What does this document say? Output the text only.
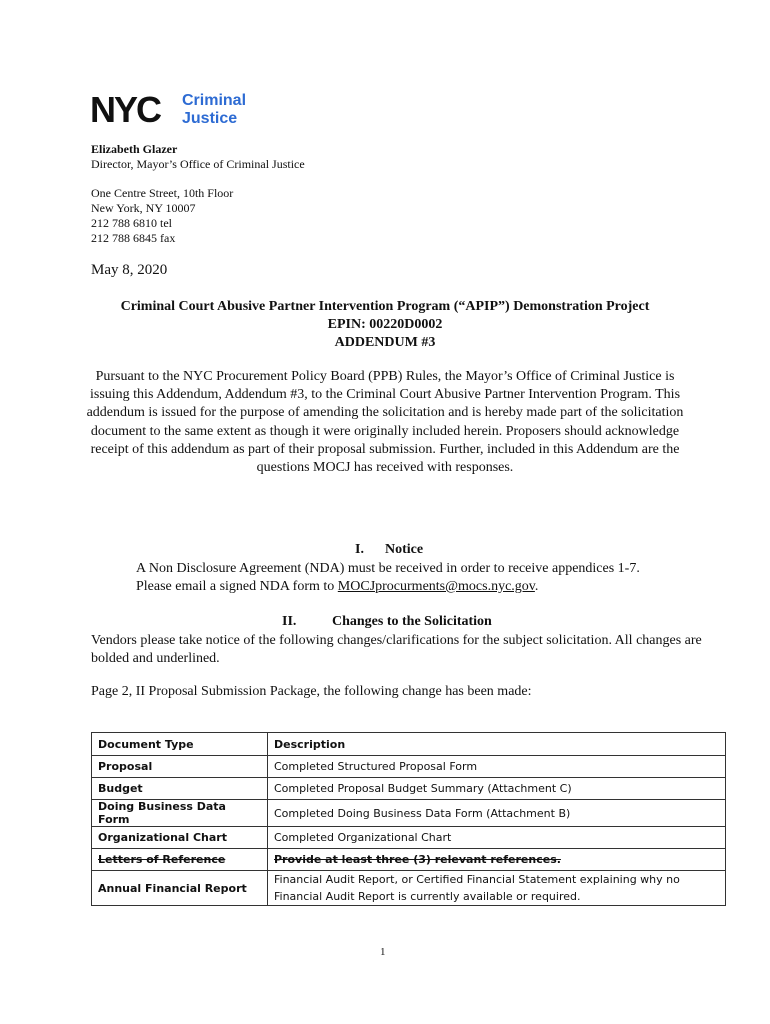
NYC Criminal
Justice
Elizabeth Glazer
Director, Mayor’s Office of Criminal Justice
One Centre Street, 10th Floor
New York, NY 10007
212 788 6810 tel
212 788 6845 fax
May 8, 2020
Criminal Court Abusive Partner Intervention Program (“APIP”) Demonstration Project
EPIN: 00220D0002
ADDENDUM #3
Pursuant to the NYC Procurement Policy Board (PPB) Rules, the Mayor’s Office of Criminal Justice is issuing this Addendum, Addendum #3, to the Criminal Court Abusive Partner Intervention Program. This addendum is issued for the purpose of amending the solicitation and is hereby made part of the solicitation document to the same extent as though it were originally included herein. Proposers should acknowledge receipt of this addendum as part of their proposal submission. Further, included in this Addendum are the questions MOCJ has received with responses.
I. Notice
A Non Disclosure Agreement (NDA) must be received in order to receive appendices 1-7.
Please email a signed NDA form to MOCJprocurments@mocs.nyc.gov.
II.	Changes to the Solicitation
Vendors please take notice of the following changes/clarifications for the subject solicitation. All changes are bolded and underlined.
Page 2, II Proposal Submission Package, the following change has been made:
Document Type	Description
Proposal	Completed Structured Proposal Form
Budget	Completed Proposal Budget Summary (Attachment C)
Doing Business Data Form	Completed Doing Business Data Form (Attachment B)
Organizational Chart	Completed Organizational Chart
Letters of Reference	Provide at least three (3) relevant references.
Annual Financial Report	Financial Audit Report, or Certified Financial Statement explaining why no
Financial Audit Report is currently available or required.
1
